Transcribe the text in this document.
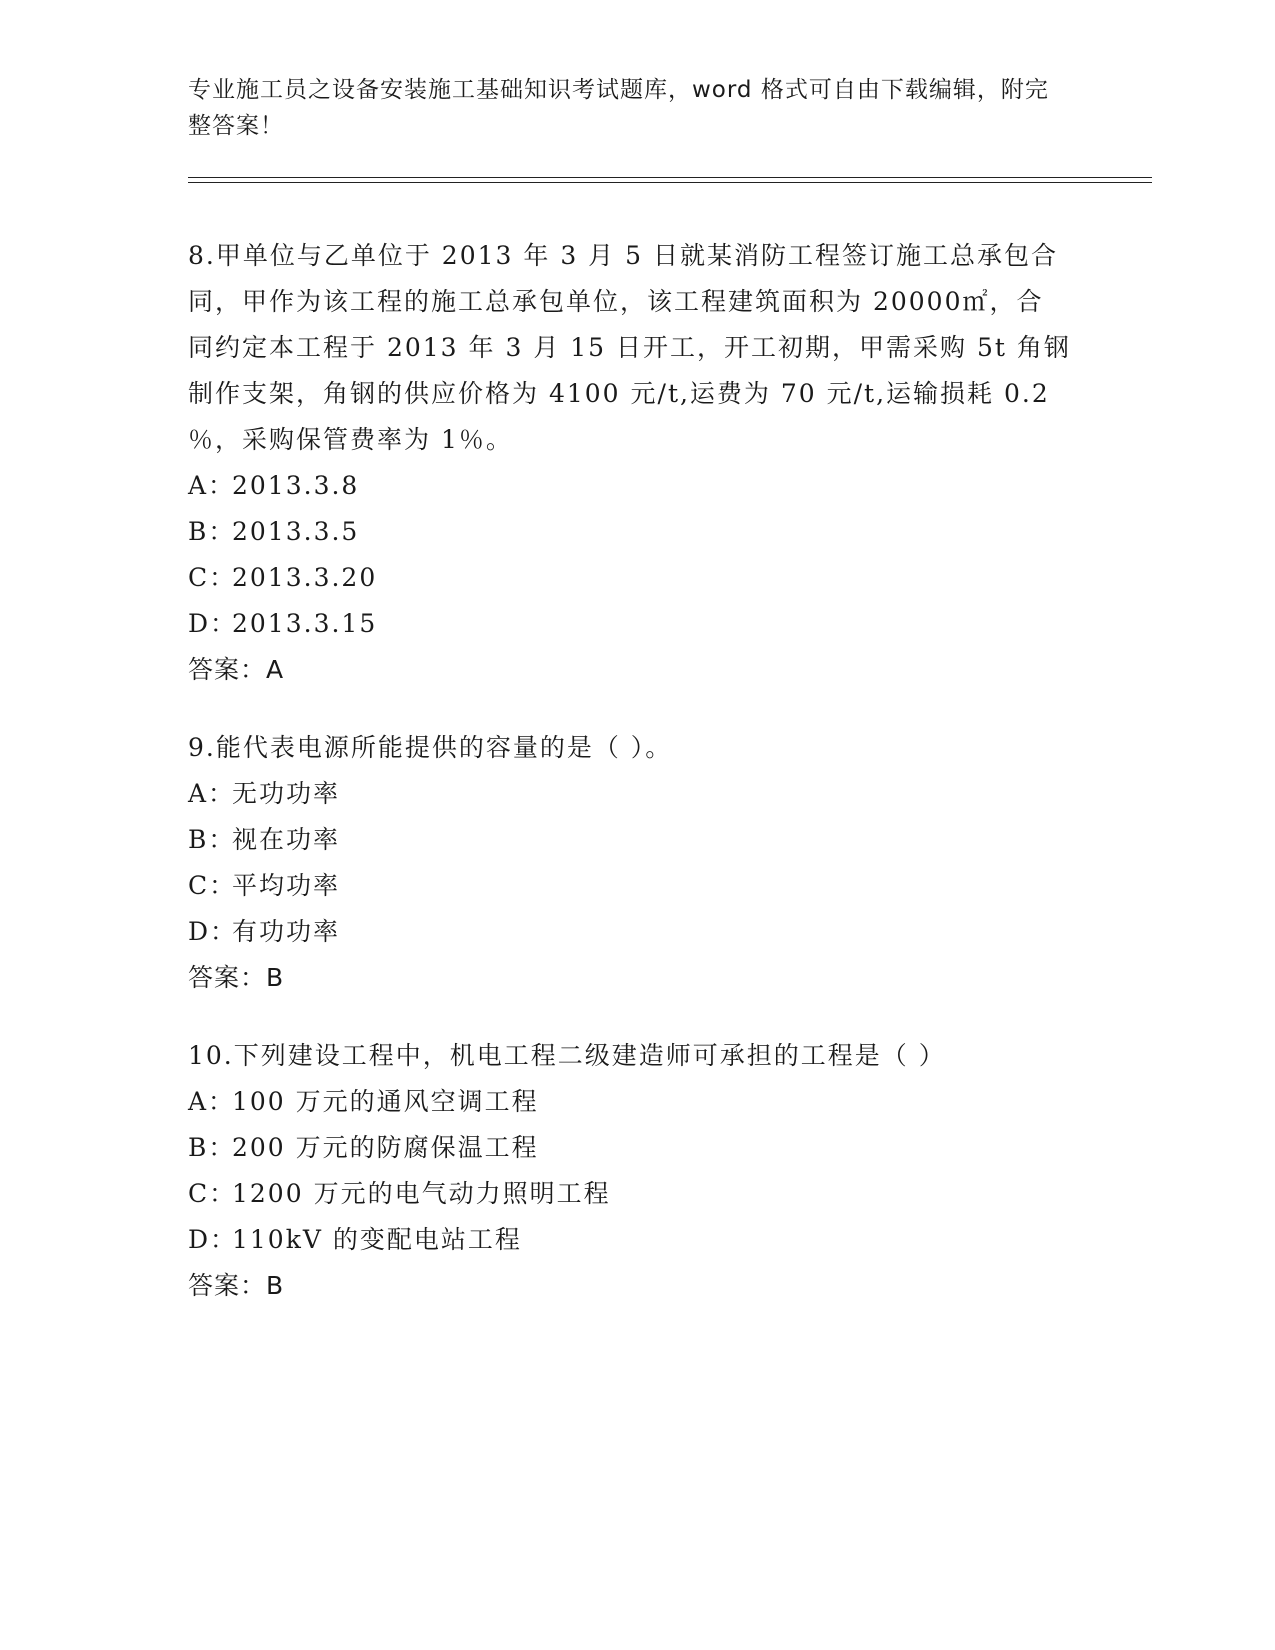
专业施工员之设备安装施工基础知识考试题库，word 格式可自由下载编辑，附完
整答案！
8.甲单位与乙单位于 2013 年 3 月 5 日就某消防工程签订施工总承包合
同，甲作为该工程的施工总承包单位，该工程建筑面积为 20000㎡，合
同约定本工程于 2013 年 3 月 15 日开工，开工初期，甲需采购 5t 角钢
制作支架，角钢的供应价格为 4100 元/t,运费为 70 元/t,运输损耗 0.2
％，采购保管费率为 1％。
A：2013.3.8
B：2013.3.5
C：2013.3.20
D：2013.3.15
答案：A
9.能代表电源所能提供的容量的是（ ）。
A：无功功率
B：视在功率
C：平均功率
D：有功功率
答案：B
10.下列建设工程中，机电工程二级建造师可承担的工程是（ ）
A：100 万元的通风空调工程
B：200 万元的防腐保温工程
C：1200 万元的电气动力照明工程
D：110kV 的变配电站工程
答案：B
